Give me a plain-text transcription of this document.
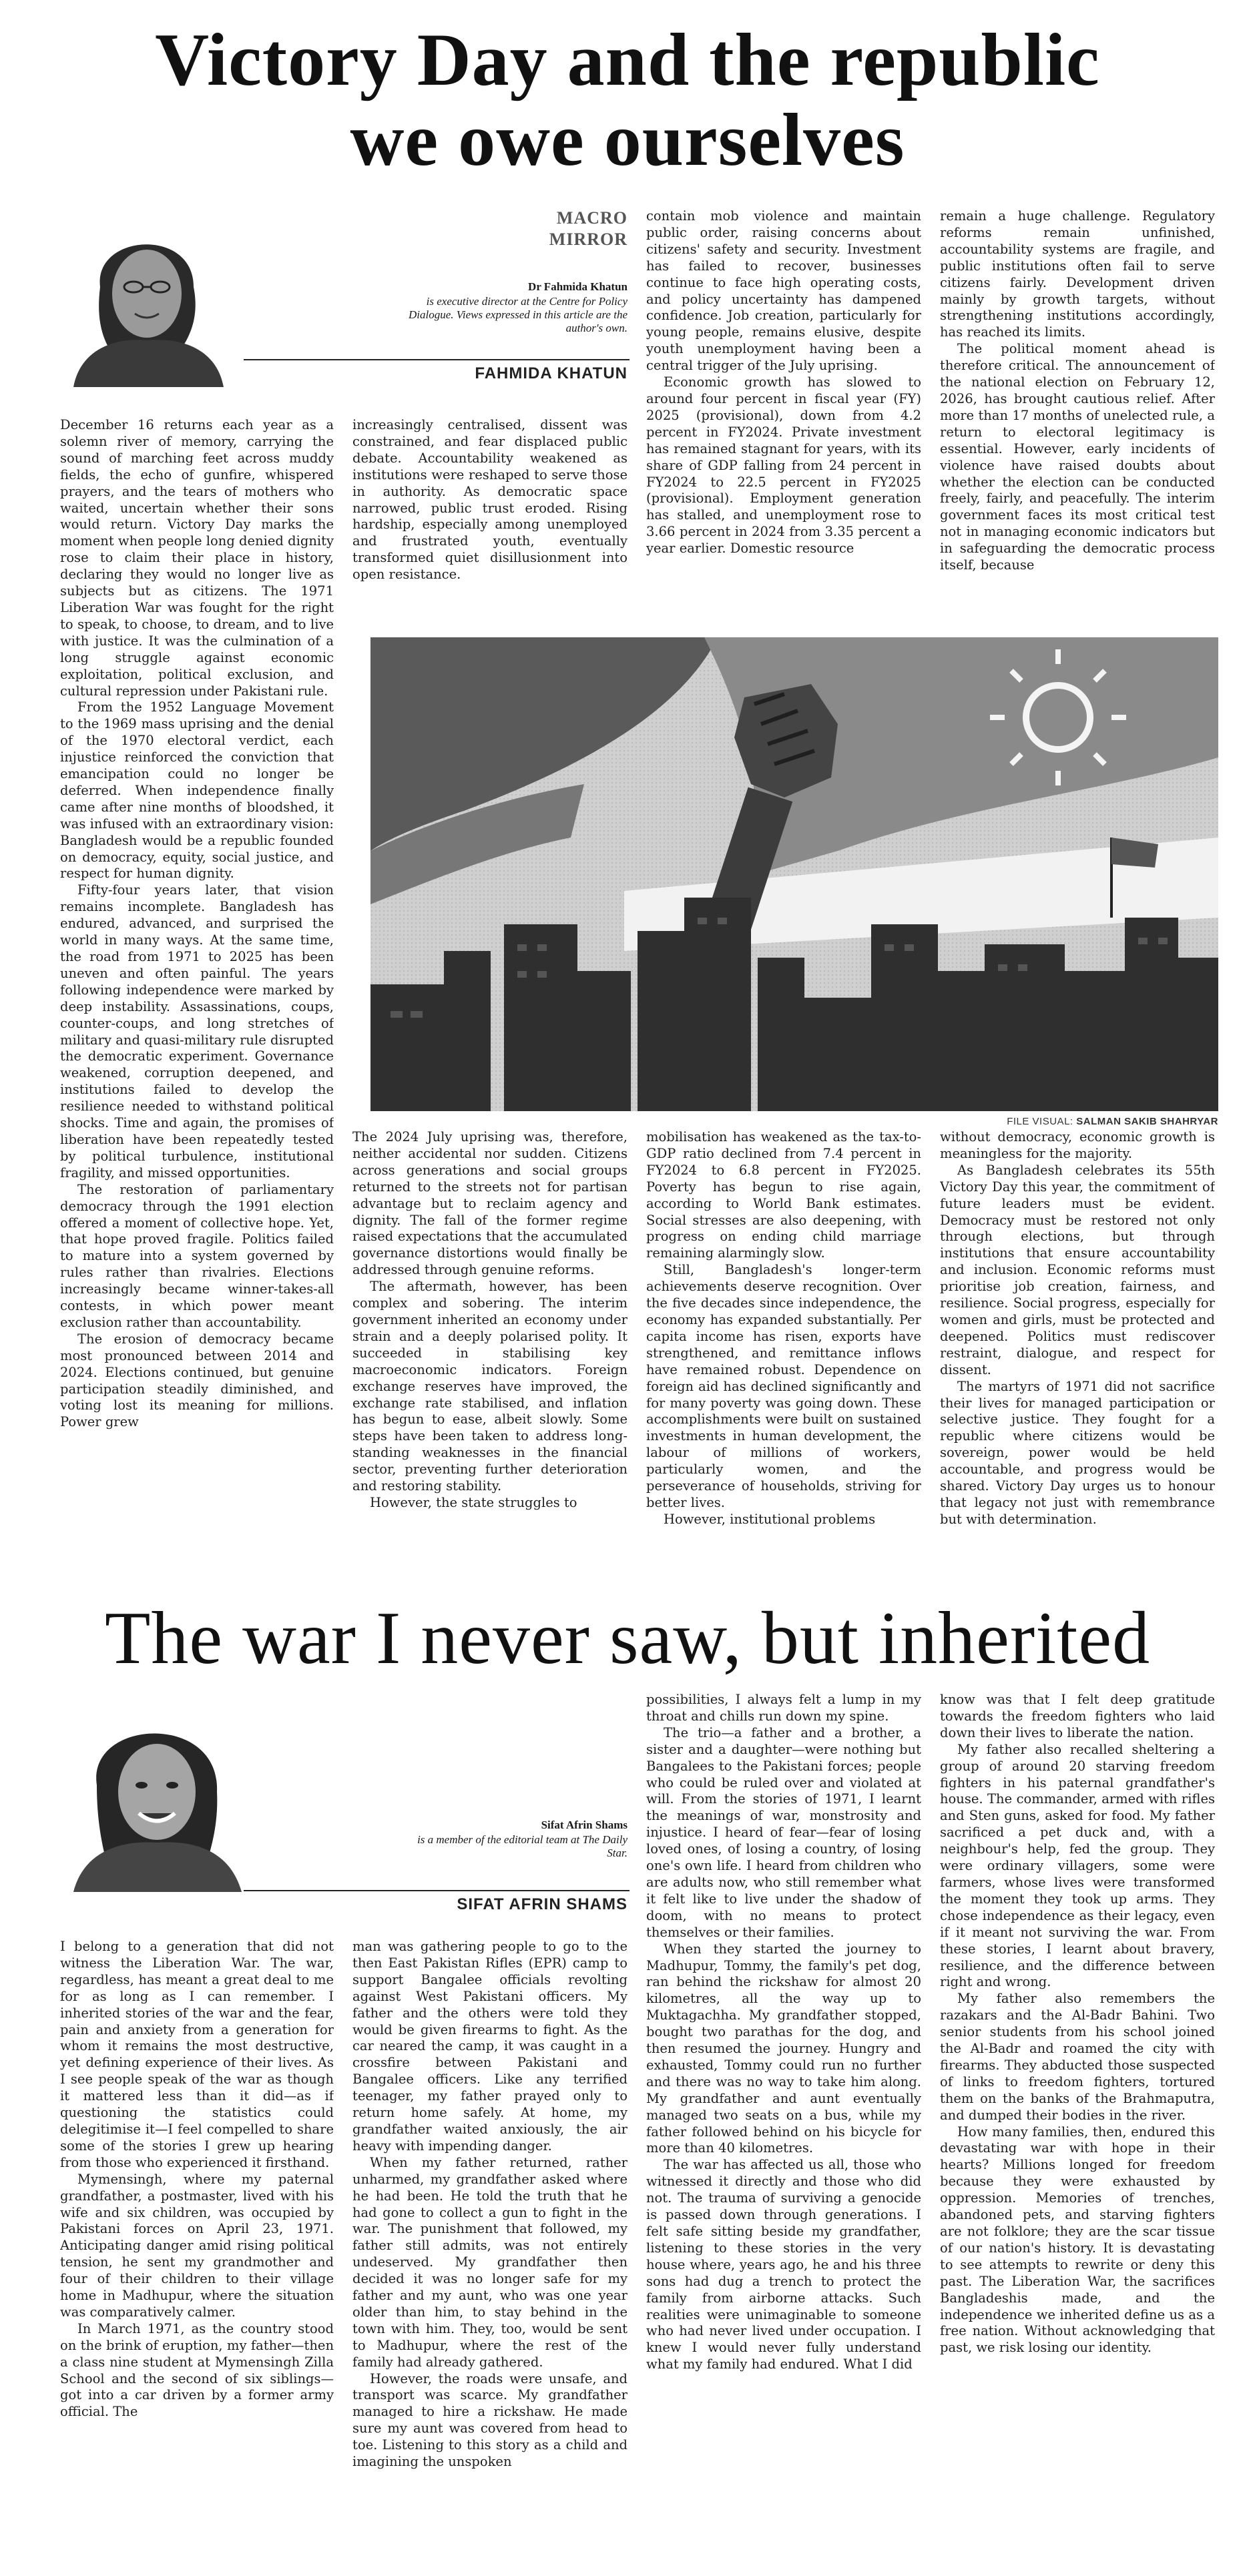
Victory Day and the republic
we owe ourselves
MACRO
MIRROR
Dr Fahmida Khatun
is executive director at the Centre for Policy Dialogue. Views expressed in this article are the author's own.
FAHMIDA KHATUN

December 16 returns each year as a solemn river of memory, carrying the sound of marching feet across muddy fields, the echo of gunfire, whispered prayers, and the tears of mothers who waited, uncertain whether their sons would return. Victory Day marks the moment when people long denied dignity rose to claim their place in history, declaring they would no longer live as subjects but as citizens. The 1971 Liberation War was fought for the right to speak, to choose, to dream, and to live with justice. It was the culmination of a long struggle against economic exploitation, political exclusion, and cultural repression under Pakistani rule.

From the 1952 Language Movement to the 1969 mass uprising and the denial of the 1970 electoral verdict, each injustice reinforced the conviction that emancipation could no longer be deferred. When independence finally came after nine months of bloodshed, it was infused with an extraordinary vision: Bangladesh would be a republic founded on democracy, equity, social justice, and respect for human dignity.

Fifty-four years later, that vision remains incomplete. Bangladesh has endured, advanced, and surprised the world in many ways. At the same time, the road from 1971 to 2025 has been uneven and often painful. The years following independence were marked by deep instability. Assassinations, coups, counter-coups, and long stretches of military and quasi-military rule disrupted the democratic experiment. Governance weakened, corruption deepened, and institutions failed to develop the resilience needed to withstand political shocks. Time and again, the promises of liberation have been repeatedly tested by political turbulence, institutional fragility, and missed opportunities.

The restoration of parliamentary democracy through the 1991 election offered a moment of collective hope. Yet, that hope proved fragile. Politics failed to mature into a system governed by rules rather than rivalries. Elections increasingly became winner-takes-all contests, in which power meant exclusion rather than accountability.

The erosion of democracy became most pronounced between 2014 and 2024. Elections continued, but genuine participation steadily diminished, and voting lost its meaning for millions. Power grew

increasingly centralised, dissent was constrained, and fear displaced public debate. Accountability weakened as institutions were reshaped to serve those in authority. As democratic space narrowed, public trust eroded. Rising hardship, especially among unemployed and frustrated youth, eventually transformed quiet disillusionment into open resistance.

contain mob violence and maintain public order, raising concerns about citizens' safety and security. Investment has failed to recover, businesses continue to face high operating costs, and policy uncertainty has dampened confidence. Job creation, particularly for young people, remains elusive, despite youth unemployment having been a central trigger of the July uprising.

Economic growth has slowed to around four percent in fiscal year (FY) 2025 (provisional), down from 4.2 percent in FY2024. Private investment has remained stagnant for years, with its share of GDP falling from 24 percent in FY2024 to 22.5 percent in FY2025 (provisional). Employment generation has stalled, and unemployment rose to 3.66 percent in 2024 from 3.35 percent a year earlier. Domestic resource

remain a huge challenge. Regulatory reforms remain unfinished, accountability systems are fragile, and public institutions often fail to serve citizens fairly. Development driven mainly by growth targets, without strengthening institutions accordingly, has reached its limits.

The political moment ahead is therefore critical. The announcement of the national election on February 12, 2026, has brought cautious relief. After more than 17 months of unelected rule, a return to electoral legitimacy is essential. However, early incidents of violence have raised doubts about whether the election can be conducted freely, fairly, and peacefully. The interim government faces its most critical test not in managing economic indicators but in safeguarding the democratic process itself, because

FILE VISUAL: SALMAN SAKIB SHAHRYAR

The 2024 July uprising was, therefore, neither accidental nor sudden. Citizens across generations and social groups returned to the streets not for partisan advantage but to reclaim agency and dignity. The fall of the former regime raised expectations that the accumulated governance distortions would finally be addressed through genuine reforms.

The aftermath, however, has been complex and sobering. The interim government inherited an economy under strain and a deeply polarised polity. It succeeded in stabilising key macroeconomic indicators. Foreign exchange reserves have improved, the exchange rate stabilised, and inflation has begun to ease, albeit slowly. Some steps have been taken to address long-standing weaknesses in the financial sector, preventing further deterioration and restoring stability.

However, the state struggles to

mobilisation has weakened as the tax-to-GDP ratio declined from 7.4 percent in FY2024 to 6.8 percent in FY2025. Poverty has begun to rise again, according to World Bank estimates. Social stresses are also deepening, with progress on ending child marriage remaining alarmingly slow.

Still, Bangladesh's longer-term achievements deserve recognition. Over the five decades since independence, the economy has expanded substantially. Per capita income has risen, exports have strengthened, and remittance inflows have remained robust. Dependence on foreign aid has declined significantly and for many poverty was going down. These accomplishments were built on sustained investments in human development, the labour of millions of workers, particularly women, and the perseverance of households, striving for better lives.

However, institutional problems

without democracy, economic growth is meaningless for the majority.

As Bangladesh celebrates its 55th Victory Day this year, the commitment of future leaders must be evident. Democracy must be restored not only through elections, but through institutions that ensure accountability and inclusion. Economic reforms must prioritise job creation, fairness, and resilience. Social progress, especially for women and girls, must be protected and deepened. Politics must rediscover restraint, dialogue, and respect for dissent.

The martyrs of 1971 did not sacrifice their lives for managed participation or selective justice. They fought for a republic where citizens would be sovereign, power would be held accountable, and progress would be shared. Victory Day urges us to honour that legacy not just with remembrance but with determination.

The war I never saw, but inherited
Sifat Afrin Shams
is a member of the editorial team at The Daily Star.
SIFAT AFRIN SHAMS

I belong to a generation that did not witness the Liberation War. The war, regardless, has meant a great deal to me for as long as I can remember. I inherited stories of the war and the fear, pain and anxiety from a generation for whom it remains the most destructive, yet defining experience of their lives. As I see people speak of the war as though it mattered less than it did—as if questioning the statistics could delegitimise it—I feel compelled to share some of the stories I grew up hearing from those who experienced it firsthand.

Mymensingh, where my paternal grandfather, a postmaster, lived with his wife and six children, was occupied by Pakistani forces on April 23, 1971. Anticipating danger amid rising political tension, he sent my grandmother and four of their children to their village home in Madhupur, where the situation was comparatively calmer.

In March 1971, as the country stood on the brink of eruption, my father—then a class nine student at Mymensingh Zilla School and the second of six siblings—got into a car driven by a former army official. The

man was gathering people to go to the then East Pakistan Rifles (EPR) camp to support Bangalee officials revolting against West Pakistani officers. My father and the others were told they would be given firearms to fight. As the car neared the camp, it was caught in a crossfire between Pakistani and Bangalee officers. Like any terrified teenager, my father prayed only to return home safely. At home, my grandfather waited anxiously, the air heavy with impending danger.

When my father returned, rather unharmed, my grandfather asked where he had been. He told the truth that he had gone to collect a gun to fight in the war. The punishment that followed, my father still admits, was not entirely undeserved. My grandfather then decided it was no longer safe for my father and my aunt, who was one year older than him, to stay behind in the town with him. They, too, would be sent to Madhupur, where the rest of the family had already gathered.

However, the roads were unsafe, and transport was scarce. My grandfather managed to hire a rickshaw. He made sure my aunt was covered from head to toe. Listening to this story as a child and imagining the unspoken

possibilities, I always felt a lump in my throat and chills run down my spine.

The trio—a father and a brother, a sister and a daughter—were nothing but Bangalees to the Pakistani forces; people who could be ruled over and violated at will. From the stories of 1971, I learnt the meanings of war, monstrosity and injustice. I heard of fear—fear of losing loved ones, of losing a country, of losing one's own life. I heard from children who are adults now, who still remember what it felt like to live under the shadow of doom, with no means to protect themselves or their families.

When they started the journey to Madhupur, Tommy, the family's pet dog, ran behind the rickshaw for almost 20 kilometres, all the way up to Muktagachha. My grandfather stopped, bought two parathas for the dog, and then resumed the journey. Hungry and exhausted, Tommy could run no further and there was no way to take him along. My grandfather and aunt eventually managed two seats on a bus, while my father followed behind on his bicycle for more than 40 kilometres.

The war has affected us all, those who witnessed it directly and those who did not. The trauma of surviving a genocide is passed down through generations. I felt safe sitting beside my grandfather, listening to these stories in the very house where, years ago, he and his three sons had dug a trench to protect the family from airborne attacks. Such realities were unimaginable to someone who had never lived under occupation. I knew I would never fully understand what my family had endured. What I did

know was that I felt deep gratitude towards the freedom fighters who laid down their lives to liberate the nation.

My father also recalled sheltering a group of around 20 starving freedom fighters in his paternal grandfather's house. The commander, armed with rifles and Sten guns, asked for food. My father sacrificed a pet duck and, with a neighbour's help, fed the group. They were ordinary villagers, some were farmers, whose lives were transformed the moment they took up arms. They chose independence as their legacy, even if it meant not surviving the war. From these stories, I learnt about bravery, resilience, and the difference between right and wrong.

My father also remembers the razakars and the Al-Badr Bahini. Two senior students from his school joined the Al-Badr and roamed the city with firearms. They abducted those suspected of links to freedom fighters, tortured them on the banks of the Brahmaputra, and dumped their bodies in the river.

How many families, then, endured this devastating war with hope in their hearts? Millions longed for freedom because they were exhausted by oppression. Memories of trenches, abandoned pets, and starving fighters are not folklore; they are the scar tissue of our nation's history. It is devastating to see attempts to rewrite or deny this past. The Liberation War, the sacrifices Bangladeshis made, and the independence we inherited define us as a free nation. Without acknowledging that past, we risk losing our identity.
